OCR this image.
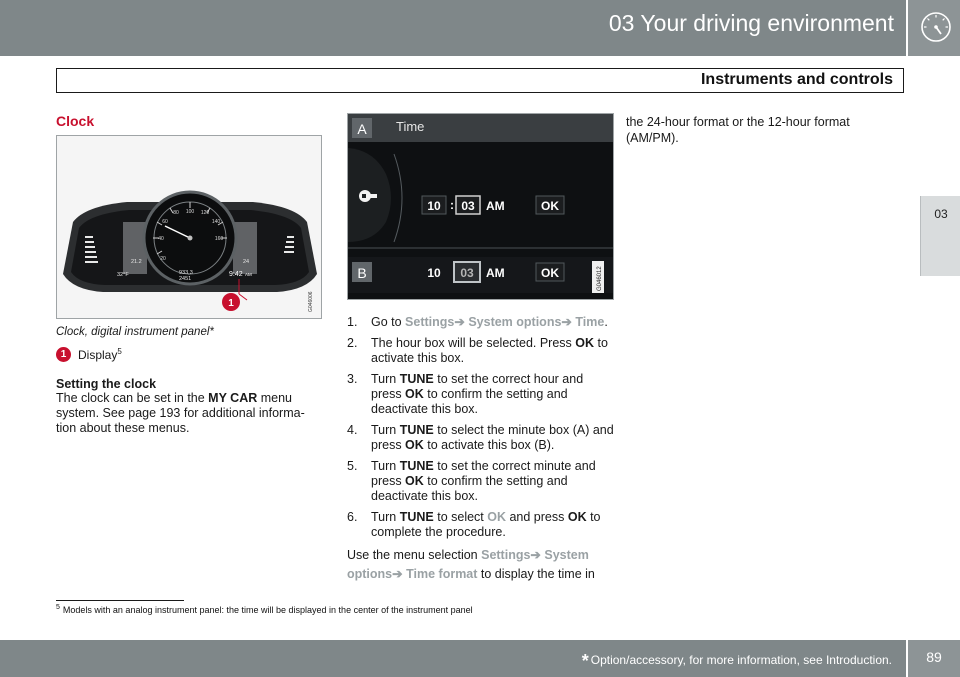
03 Your driving environment
Instruments and controls
03
Clock
20
40
60
80 100 120
140
160
21.2
32°F	933,3
2451
24
9:42 AM
1	G046006
Clock, digital instrument panel*
1 Display$^5$
Setting the clock
The clock can be set in the MY CAR menu system. See page 193 for additional informa-tion about these menus.
A Time
10 : 03 AM	OK
B	10 03 AM	OK	G046012
1. Go to Settings➔ System options➔ Time.
2. The hour box will be selected. Press OK to activate this box.
3. Turn TUNE to set the correct hour and press OK to confirm the setting and deactivate this box.
4. Turn TUNE to select the minute box (A) and press OK to activate this box (B).
5. Turn TUNE to set the correct minute and press OK to confirm the setting and deactivate this box.
6. Turn TUNE to select OK and press OK to complete the procedure.
Use the menu selection Settings➔ System options➔ Time format to display the time in
the 24-hour format or the 12-hour format (AM/PM).
$^5$ Models with an analog instrument panel: the time will be displayed in the center of the instrument panel
* Option/accessory, for more information, see Introduction.	89
